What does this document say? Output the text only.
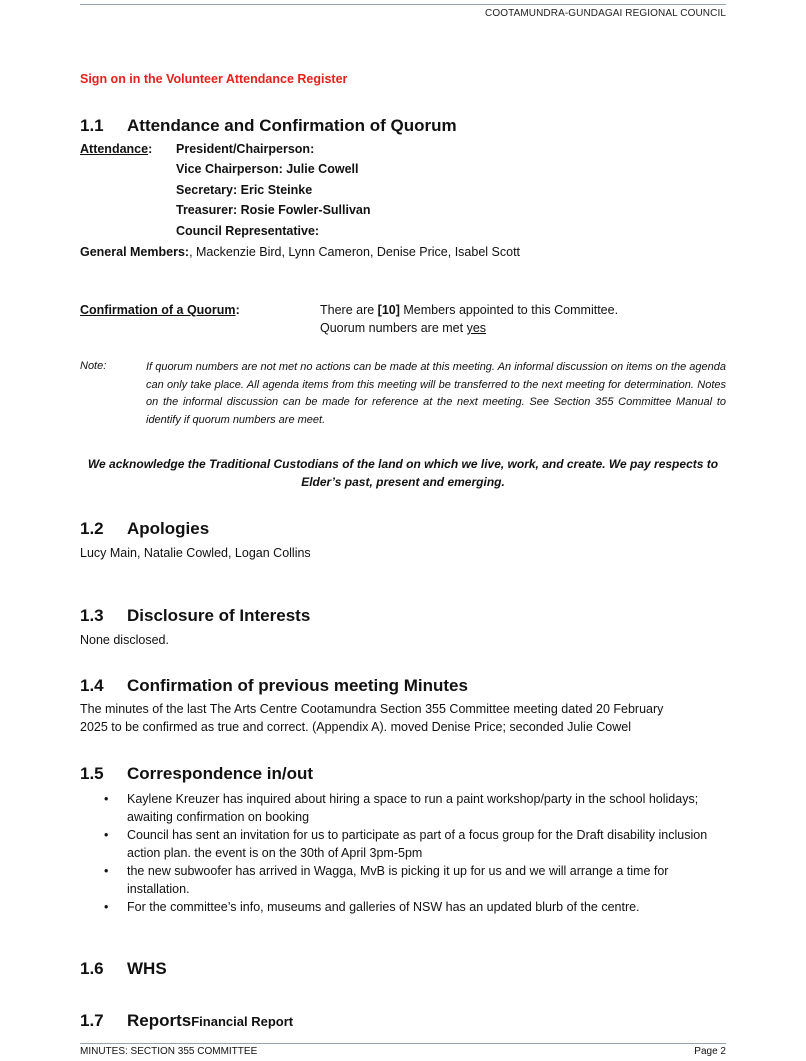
COOTAMUNDRA-GUNDAGAI REGIONAL COUNCIL
Sign on in the Volunteer Attendance Register
1.1 Attendance and Confirmation of Quorum
Attendance: President/Chairperson:
Vice Chairperson: Julie Cowell
Secretary: Eric Steinke
Treasurer: Rosie Fowler-Sullivan
Council Representative:
General Members:, Mackenzie Bird, Lynn Cameron, Denise Price, Isabel Scott
Confirmation of a Quorum:	There are [10] Members appointed to this Committee.
Quorum numbers are met yes
Note:	If quorum numbers are not met no actions can be made at this meeting. An informal discussion on items on the agenda can only take place. All agenda items from this meeting will be transferred to the next meeting for determination. Notes on the informal discussion can be made for reference at the next meeting. See Section 355 Committee Manual to identify if quorum numbers are meet.
We acknowledge the Traditional Custodians of the land on which we live, work, and create. We pay respects to Elder’s past, present and emerging.
1.2 Apologies
Lucy Main, Natalie Cowled, Logan Collins
1.3 Disclosure of Interests
None disclosed.
1.4 Confirmation of previous meeting Minutes
The minutes of the last The Arts Centre Cootamundra Section 355 Committee meeting dated 20 February
2025 to be confirmed as true and correct. (Appendix A). moved Denise Price; seconded Julie Cowel
1.5 Correspondence in/out
• Kaylene Kreuzer has inquired about hiring a space to run a paint workshop/party in the school holidays; awaiting confirmation on booking
• Council has sent an invitation for us to participate as part of a focus group for the Draft disability inclusion action plan. the event is on the 30th of April 3pm-5pm
• the new subwoofer has arrived in Wagga, MvB is picking it up for us and we will arrange a time for installation.
• For the committee’s info, museums and galleries of NSW has an updated blurb of the centre.
1.6 WHS
1.7 ReportsFinancial Report
MINUTES: SECTION 355 COMMITTEE	Page 2
